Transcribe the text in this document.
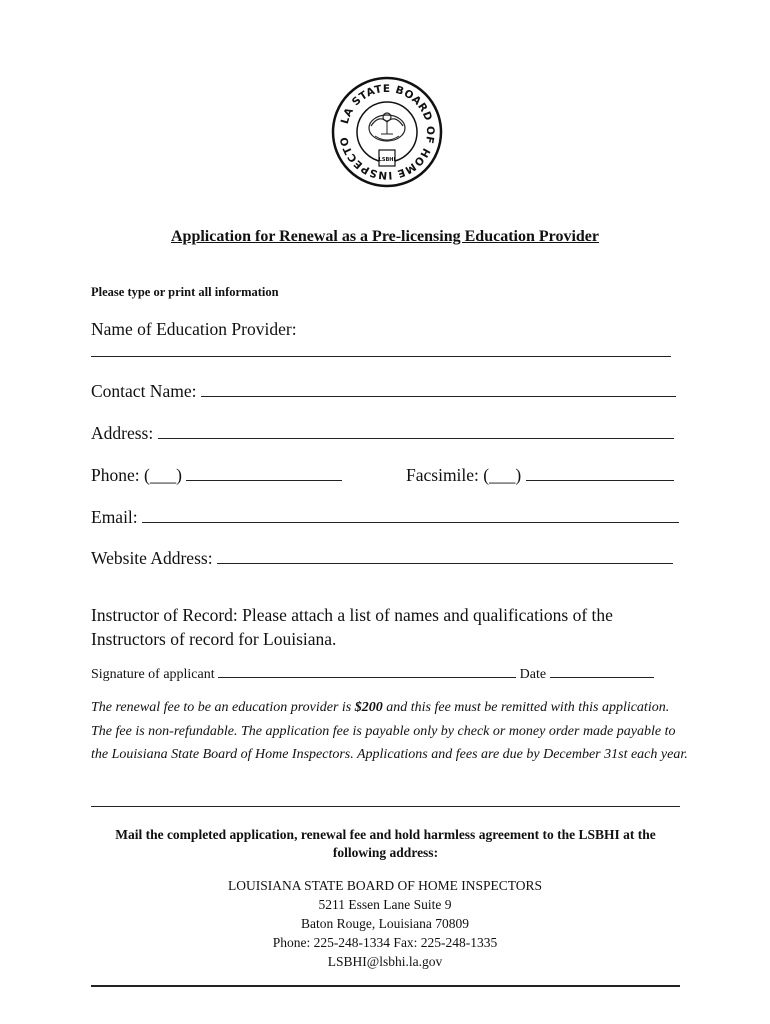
LA STATE BOARD OF HOME INSPECTO
LSBHI
Application for Renewal as a Pre-licensing Education Provider
Please type or print all information
Name of Education Provider:
Contact Name:
Address:
Phone: (___)	Facsimile: (___)
Email:
Website Address:
Instructor of Record: Please attach a list of names and qualifications of the
Instructors of record for Louisiana.
Signature of applicant	Date
The renewal fee to be an education provider is $200 and this fee must be remitted with this application. The fee is non-refundable. The application fee is payable only by check or money order made payable to the Louisiana State Board of Home Inspectors. Applications and fees are due by December 31st each year.
Mail the completed application, renewal fee and hold harmless agreement to the LSBHI at the following address:
LOUISIANA STATE BOARD OF HOME INSPECTORS
5211 Essen Lane Suite 9
Baton Rouge, Louisiana 70809
Phone: 225-248-1334 Fax: 225-248-1335
LSBHI@lsbhi.la.gov
